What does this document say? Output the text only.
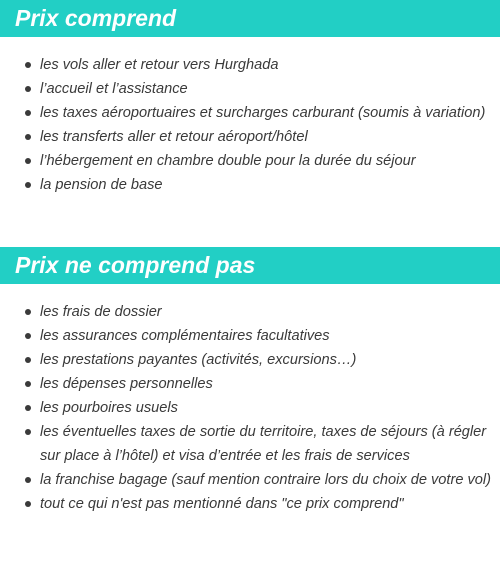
Prix comprend
les vols aller et retour vers Hurghada
l’accueil et l’assistance
les taxes aéroportuaires et surcharges carburant (soumis à variation)
les transferts aller et retour aéroport/hôtel
l’hébergement en chambre double pour la durée du séjour
la pension de base
Prix ne comprend pas
les frais de dossier
les assurances complémentaires facultatives
les prestations payantes (activités, excursions…)
les dépenses personnelles
les pourboires usuels
les éventuelles taxes de sortie du territoire, taxes de séjours (à régler sur place à l’hôtel) et visa d’entrée et les frais de services
la franchise bagage (sauf mention contraire lors du choix de votre vol)
tout ce qui n'est pas mentionné dans "ce prix comprend"
